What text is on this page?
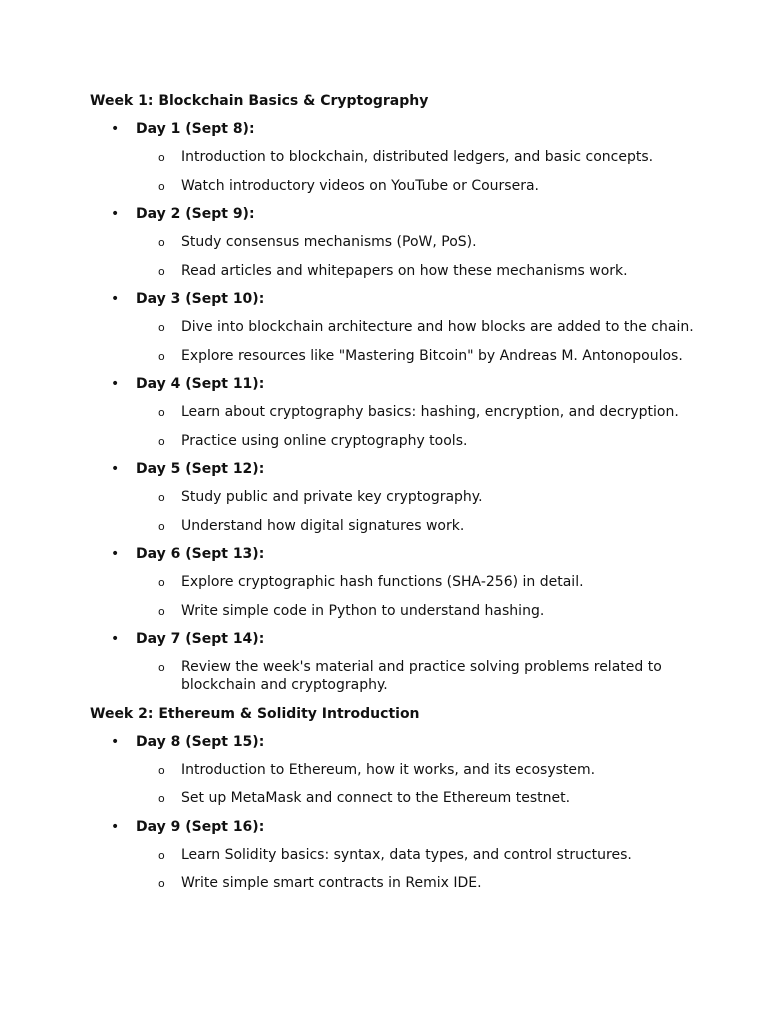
Week 1: Blockchain Basics & Cryptography
• Day 1 (Sept 8):
o Introduction to blockchain, distributed ledgers, and basic concepts.
o Watch introductory videos on YouTube or Coursera.
• Day 2 (Sept 9):
o Study consensus mechanisms (PoW, PoS).
o Read articles and whitepapers on how these mechanisms work.
• Day 3 (Sept 10):
o Dive into blockchain architecture and how blocks are added to the chain.
o Explore resources like "Mastering Bitcoin" by Andreas M. Antonopoulos.
• Day 4 (Sept 11):
o Learn about cryptography basics: hashing, encryption, and decryption.
o Practice using online cryptography tools.
• Day 5 (Sept 12):
o Study public and private key cryptography.
o Understand how digital signatures work.
• Day 6 (Sept 13):
o Explore cryptographic hash functions (SHA-256) in detail.
o Write simple code in Python to understand hashing.
• Day 7 (Sept 14):
o Review the week's material and practice solving problems related to blockchain and cryptography.
Week 2: Ethereum & Solidity Introduction
• Day 8 (Sept 15):
o Introduction to Ethereum, how it works, and its ecosystem.
o Set up MetaMask and connect to the Ethereum testnet.
• Day 9 (Sept 16):
o Learn Solidity basics: syntax, data types, and control structures.
o Write simple smart contracts in Remix IDE.
